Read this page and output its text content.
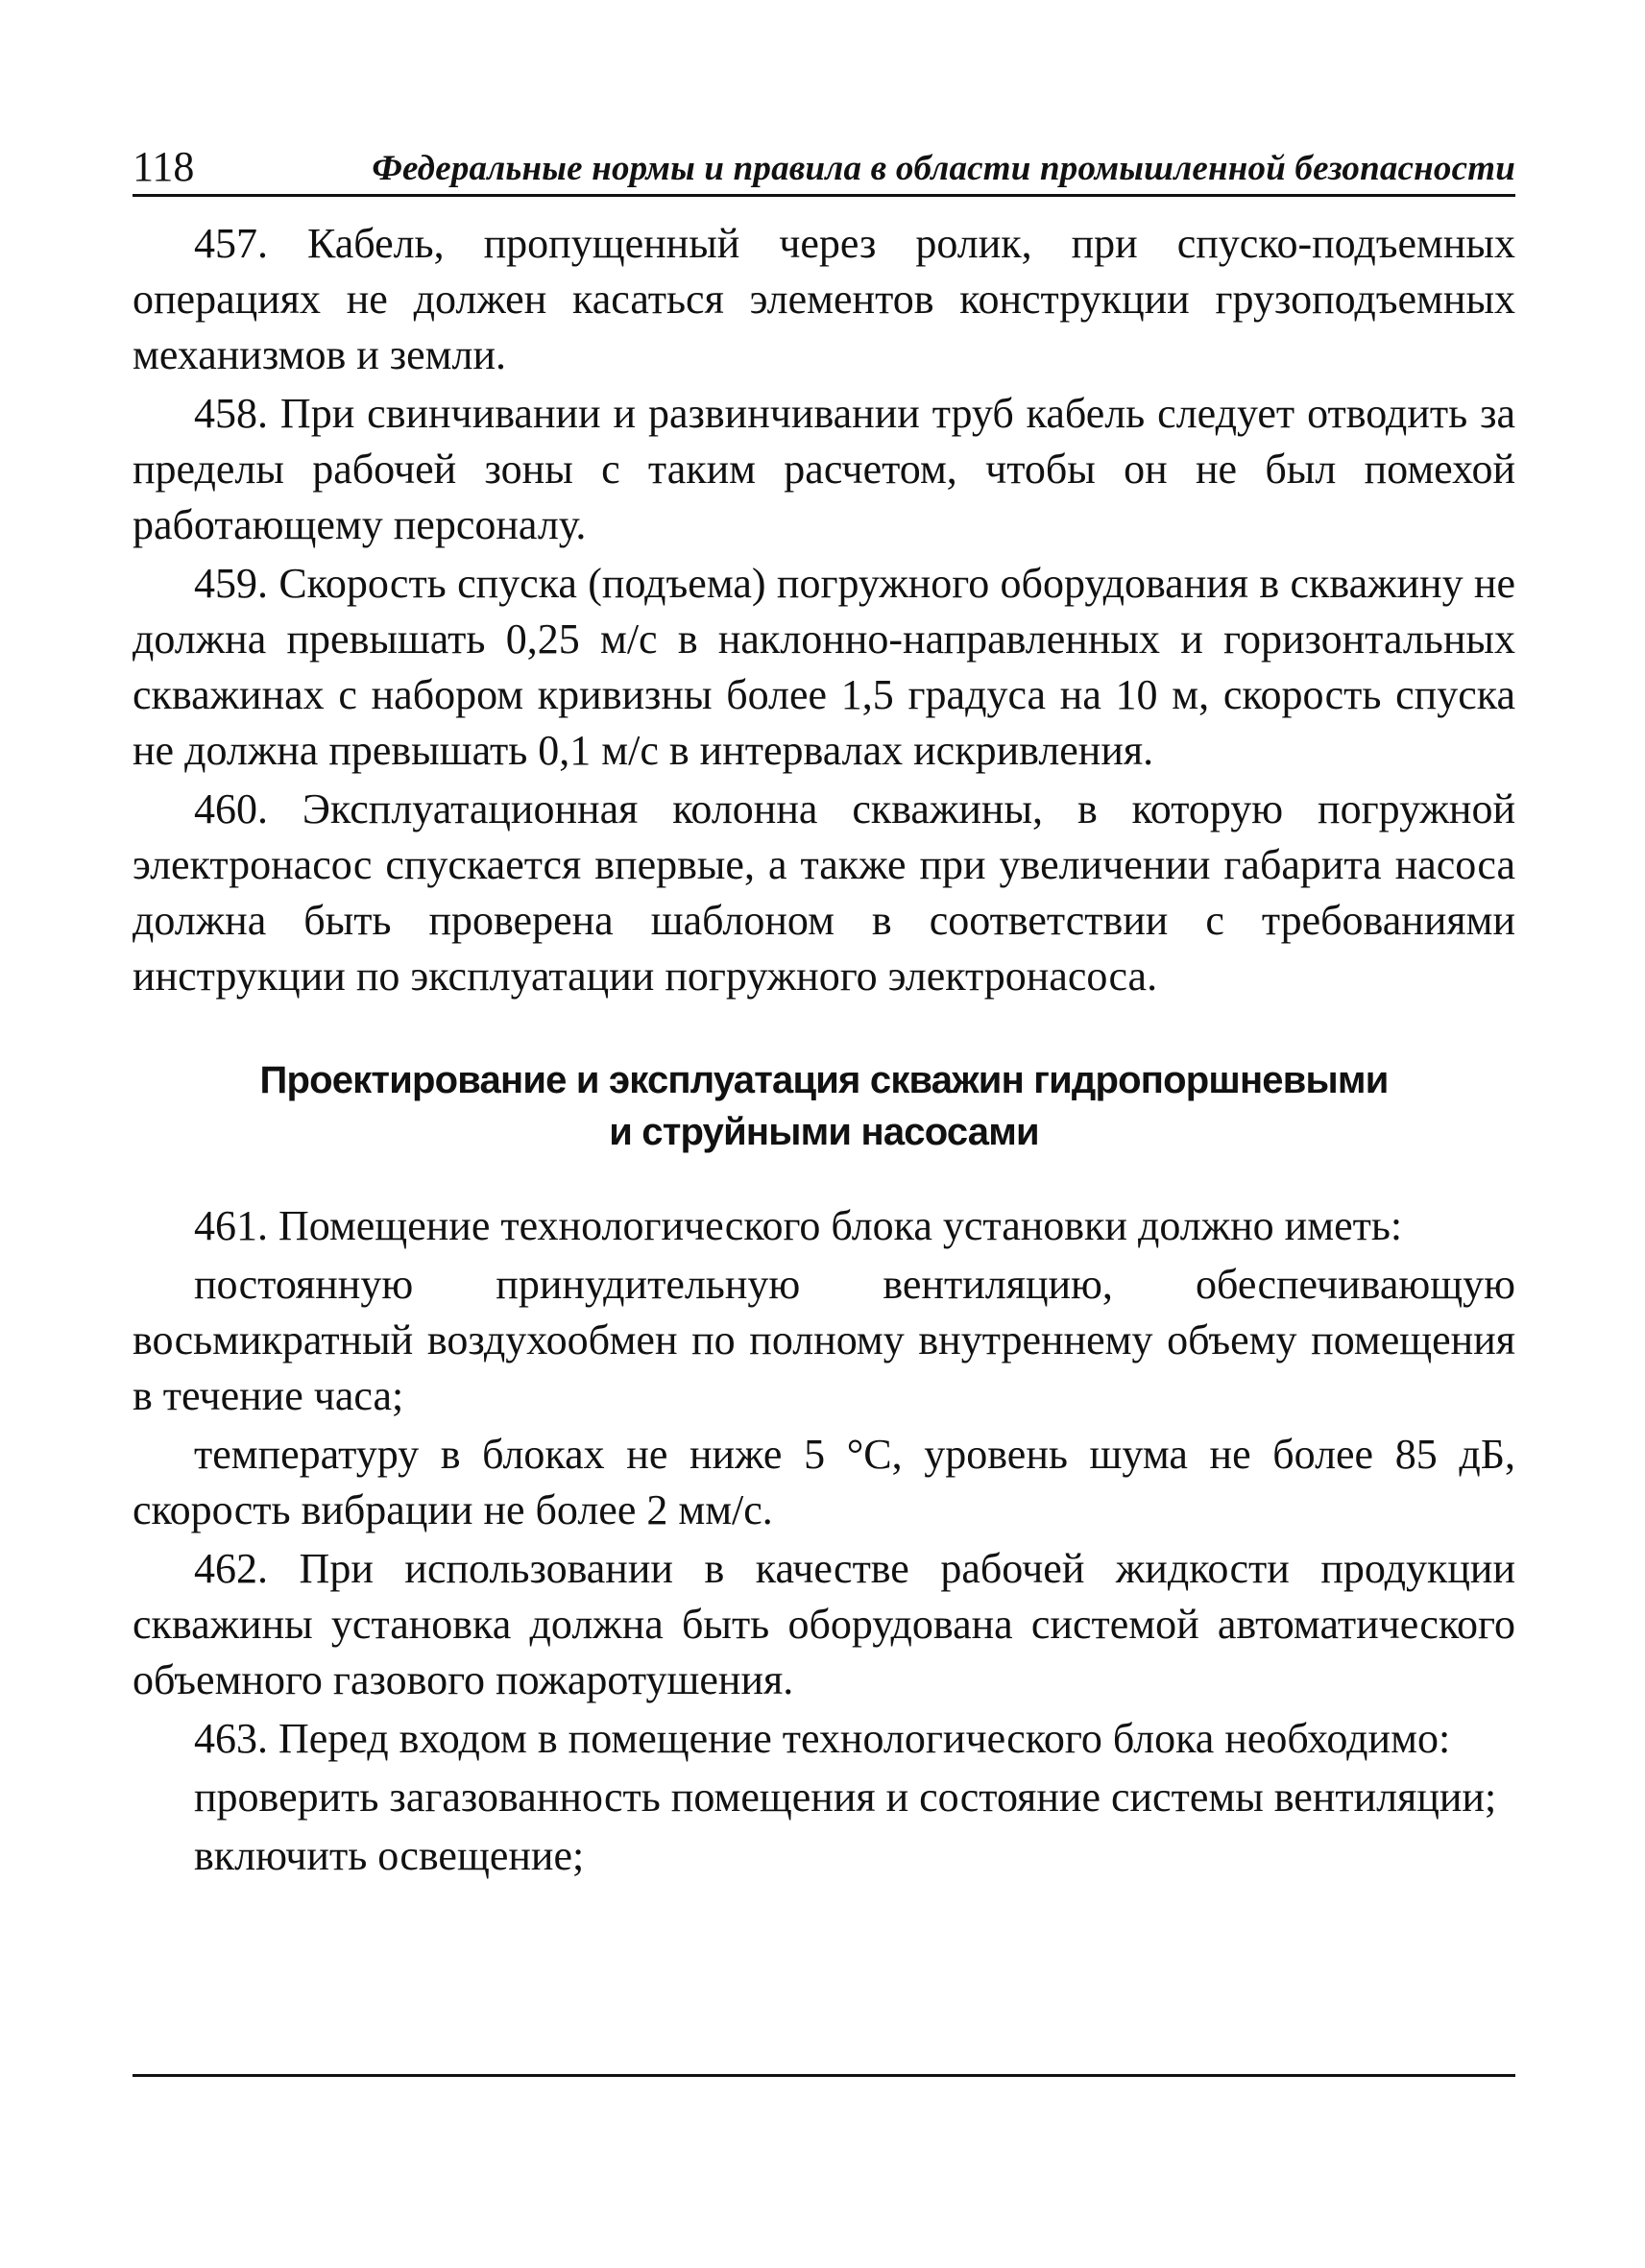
118	Федеральные нормы и правила в области промышленной безопасности

457. Кабель, пропущенный через ролик, при спуско-подъемных операциях не должен касаться элементов конструкции грузоподъемных механизмов и земли.

458. При свинчивании и развинчивании труб кабель следует отводить за пределы рабочей зоны с таким расчетом, чтобы он не был помехой работающему персоналу.

459. Скорость спуска (подъема) погружного оборудования в скважину не должна превышать 0,25 м/с в наклонно-направленных и горизонтальных скважинах с набором кривизны более 1,5 градуса на 10 м, скорость спуска не должна превышать 0,1 м/с в интервалах искривления.

460. Эксплуатационная колонна скважины, в которую погружной электронасос спускается впервые, а также при увеличении габарита насоса должна быть проверена шаблоном в соответствии с требованиями инструкции по эксплуатации погружного электронасоса.

Проектирование и эксплуатация скважин гидропоршневыми
и струйными насосами

461. Помещение технологического блока установки должно иметь:

постоянную принудительную вентиляцию, обеспечивающую восьмикратный воздухообмен по полному внутреннему объему помещения в течение часа;

температуру в блоках не ниже 5 °С, уровень шума не более 85 дБ, скорость вибрации не более 2 мм/с.

462. При использовании в качестве рабочей жидкости продукции скважины установка должна быть оборудована системой автоматического объемного газового пожаротушения.

463. Перед входом в помещение технологического блока необходимо:

проверить загазованность помещения и состояние системы вентиляции;

включить освещение;
